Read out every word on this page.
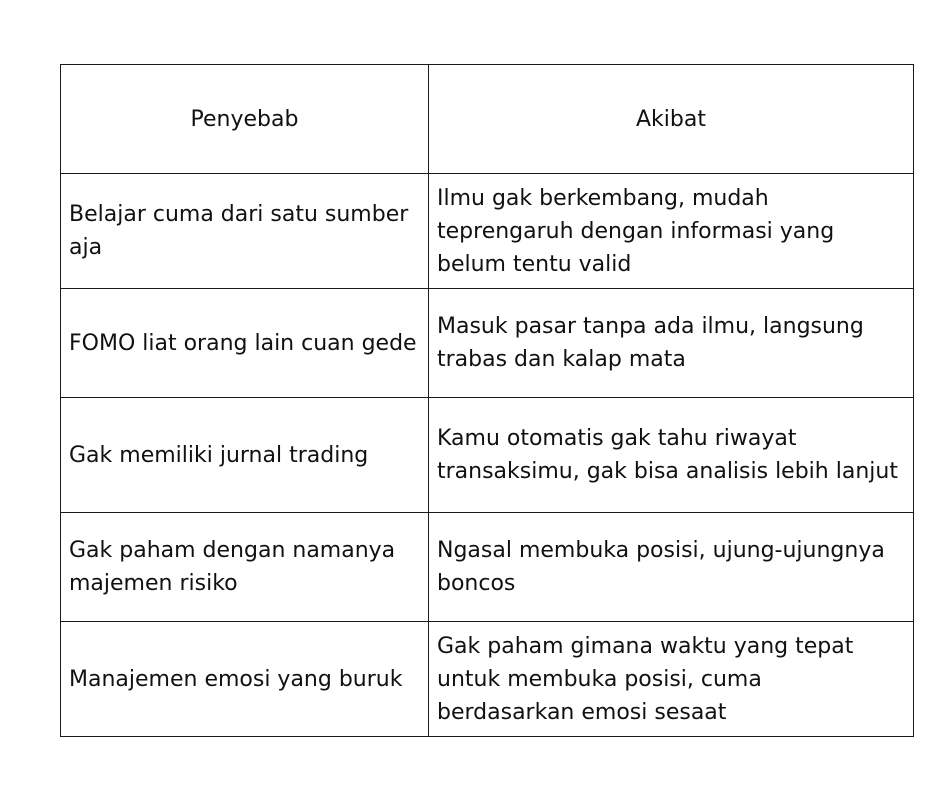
Penyebab	Akibat
Belajar cuma dari satu sumber aja	Ilmu gak berkembang, mudah teprengaruh dengan informasi yang belum tentu valid
FOMO liat orang lain cuan gede	Masuk pasar tanpa ada ilmu, langsung trabas dan kalap mata
Gak memiliki jurnal trading	Kamu otomatis gak tahu riwayat transaksimu, gak bisa analisis lebih lanjut
Gak paham dengan namanya majemen risiko	Ngasal membuka posisi, ujung-ujungnya boncos
Manajemen emosi yang buruk	Gak paham gimana waktu yang tepat untuk membuka posisi, cuma berdasarkan emosi sesaat
